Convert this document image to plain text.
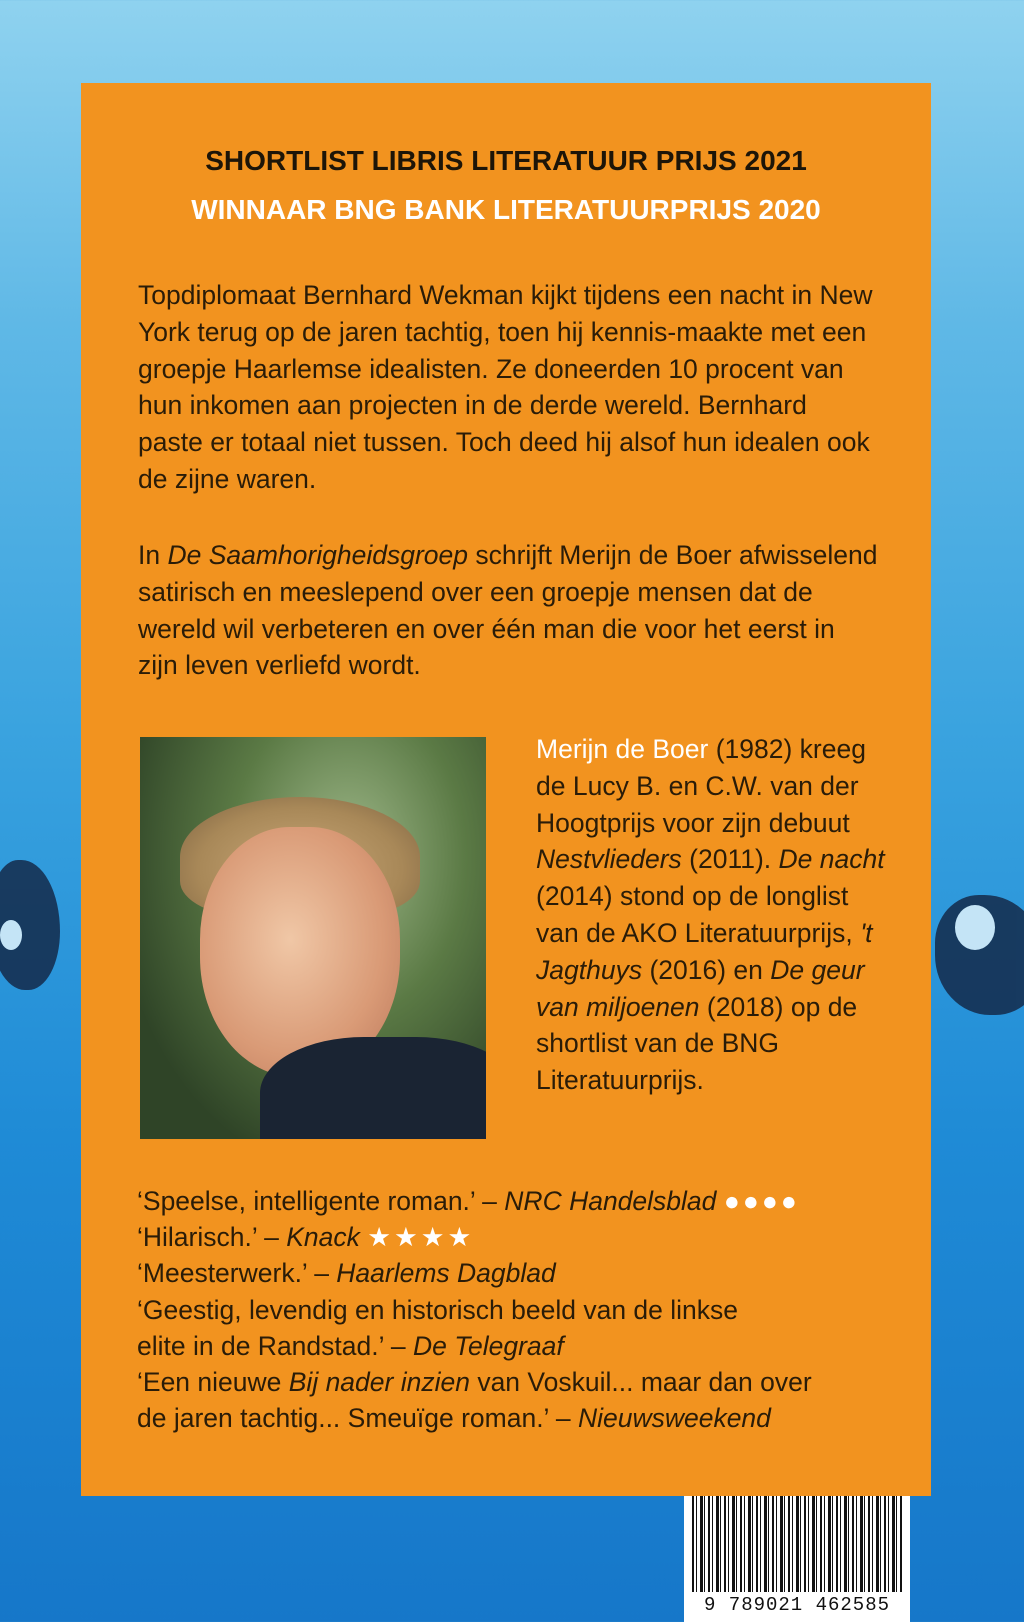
SHORTLIST LIBRIS LITERATUUR PRIJS 2021
WINNAAR BNG BANK LITERATUURPRIJS 2020
Topdiplomaat Bernhard Wekman kijkt tijdens een nacht in New York terug op de jaren tachtig, toen hij kennis-maakte met een groepje Haarlemse idealisten. Ze doneerden 10 procent van hun inkomen aan projecten in de derde wereld. Bernhard paste er totaal niet tussen. Toch deed hij alsof hun idealen ook de zijne waren.
In De Saamhorigheidsgroep schrijft Merijn de Boer afwisselend satirisch en meeslepend over een groepje mensen dat de wereld wil verbeteren en over één man die voor het eerst in zijn leven verliefd wordt.
Merijn de Boer (1982) kreeg de Lucy B. en C.W. van der Hoogtprijs voor zijn debuut Nestvlieders (2011). De nacht (2014) stond op de longlist van de AKO Literatuurprijs, 't Jagthuys (2016) en De geur van miljoenen (2018) op de shortlist van de BNG Literatuurprijs.
‘Speelse, intelligente roman.’ – NRC Handelsblad ●●●●
‘Hilarisch.’ – Knack ★★★★
‘Meesterwerk.’ – Haarlems Dagblad
‘Geestig, levendig en historisch beeld van de linkse
elite in de Randstad.’ – De Telegraaf
‘Een nieuwe Bij nader inzien van Voskuil... maar dan over
de jaren tachtig... Smeuïge roman.’ – Nieuwsweekend
9 789021 462585
